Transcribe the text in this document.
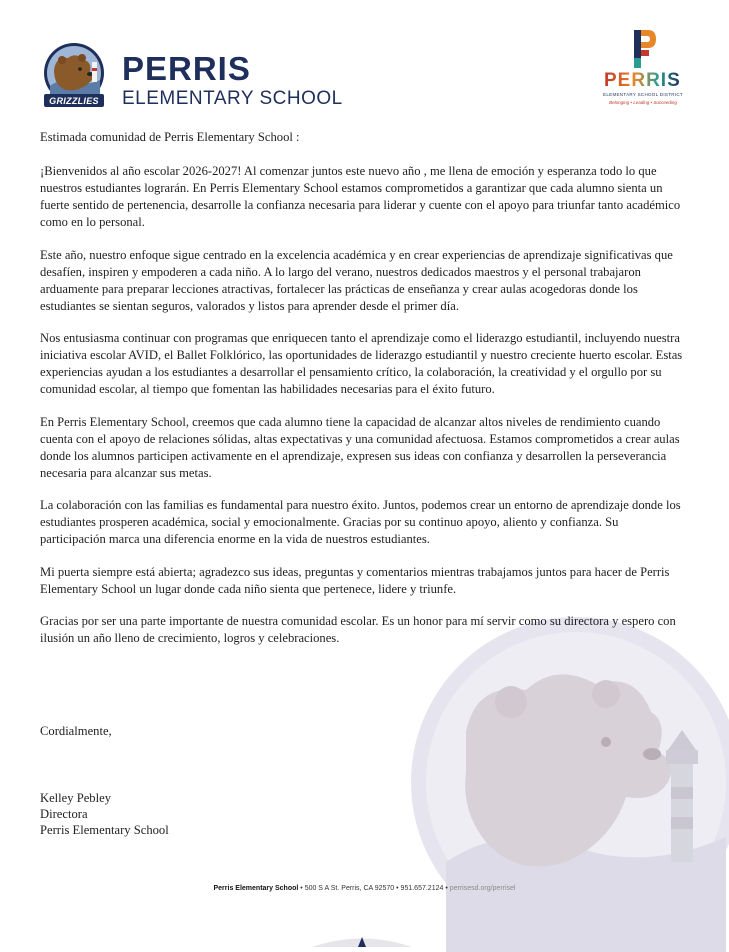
GRIZZLIES
PERRIS
ELEMENTARY SCHOOL
PERRIS
ELEMENTARY SCHOOL DISTRICT
Belonging • Leading • Succeeding

Estimada comunidad de Perris Elementary School :

¡Bienvenidos al año escolar 2026-2027! Al comenzar juntos este nuevo año , me llena de emoción y esperanza todo lo que nuestros estudiantes lograrán. En Perris Elementary School estamos comprometidos a garantizar que cada alumno sienta un fuerte sentido de pertenencia, desarrolle la confianza necesaria para liderar y cuente con el apoyo para triunfar tanto académico como en lo personal.

Este año, nuestro enfoque sigue centrado en la excelencia académica y en crear experiencias de aprendizaje significativas que desafíen, inspiren y empoderen a cada niño. A lo largo del verano, nuestros dedicados maestros y el personal trabajaron arduamente para preparar lecciones atractivas, fortalecer las prácticas de enseñanza y crear aulas acogedoras donde los estudiantes se sientan seguros, valorados y listos para aprender desde el primer día.

Nos entusiasma continuar con programas que enriquecen tanto el aprendizaje como el liderazgo estudiantil, incluyendo nuestra iniciativa escolar AVID, el Ballet Folklórico, las oportunidades de liderazgo estudiantil y nuestro creciente huerto escolar. Estas experiencias ayudan a los estudiantes a desarrollar el pensamiento crítico, la colaboración, la creatividad y el orgullo por su comunidad escolar, al tiempo que fomentan las habilidades necesarias para el éxito futuro.

En Perris Elementary School, creemos que cada alumno tiene la capacidad de alcanzar altos niveles de rendimiento cuando cuenta con el apoyo de relaciones sólidas, altas expectativas y una comunidad afectuosa. Estamos comprometidos a crear aulas donde los alumnos participen activamente en el aprendizaje, expresen sus ideas con confianza y desarrollen la perseverancia necesaria para alcanzar sus metas.

La colaboración con las familias es fundamental para nuestro éxito. Juntos, podemos crear un entorno de aprendizaje donde los estudiantes prosperen académica, social y emocionalmente. Gracias por su continuo apoyo, aliento y confianza. Su participación marca una diferencia enorme en la vida de nuestros estudiantes.

Mi puerta siempre está abierta; agradezco sus ideas, preguntas y comentarios mientras trabajamos juntos para hacer de Perris Elementary School un lugar donde cada niño sienta que pertenece, lidere y triunfe.

Gracias por ser una parte importante de nuestra comunidad escolar. Es un honor para mí servir como su directora y espero con ilusión un año lleno de crecimiento, logros y celebraciones.

Cordialmente,
Kelley Pebley
Directora
Perris Elementary School
Perris Elementary School • 500 S A St. Perris, CA 92570 • 951.657.2124 • perrisesd.org/perrisel
